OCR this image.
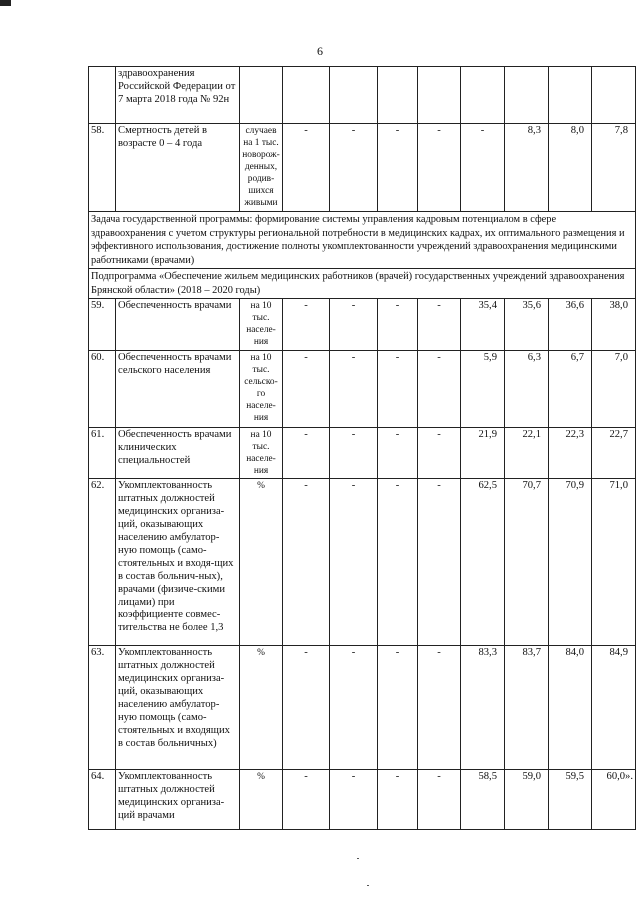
6
	здравоохранения Российской Федерации от 7 марта 2018 года № 92н									
58.	Смертность детей в возрасте 0 – 4 года	случаев на 1 тыс. новорож-денных, родив-шихся живыми	-	-	-	-	-	8,3	8,0	7,8
Задача государственной программы: формирование системы управления кадровым потенциалом в сфере здравоохранения с учетом структуры региональной потребности в медицинских кадрах, их оптимального размещения и эффективного использования, достижение полноты укомплектованности учреждений здравоохранения медицинскими работниками (врачами)										
Подпрограмма «Обеспечение жильем медицинских работников (врачей) государственных учреждений здравоохранения Брянской области» (2018 – 2020 годы)										
59.	Обеспеченность врачами	на 10 тыс. населе-ния	-	-	-	-	35,4	35,6	36,6	38,0
60.	Обеспеченность врачами сельского населения	на 10 тыс. сельско-го населе-ния	-	-	-	-	5,9	6,3	6,7	7,0
61.	Обеспеченность врачами клинических специальностей	на 10 тыс. населе-ния	-	-	-	-	21,9	22,1	22,3	22,7
62.	Укомплектованность штатных должностей медицинских организа-ций, оказывающих населению амбулатор-ную помощь (само-стоятельных и входя-щих в состав больнич-ных), врачами (физиче-скими лицами) при коэффициенте совмес-тительства не более 1,3	%	-	-	-	-	62,5	70,7	70,9	71,0
63.	Укомплектованность штатных должностей медицинских организа-ций, оказывающих населению амбулатор-ную помощь (само-стоятельных и входящих в состав больничных)	%	-	-	-	-	83,3	83,7	84,0	84,9
64.	Укомплектованность штатных должностей медицинских организа-ций врачами	%	-	-	-	-	58,5	59,0	59,5	60,0».
